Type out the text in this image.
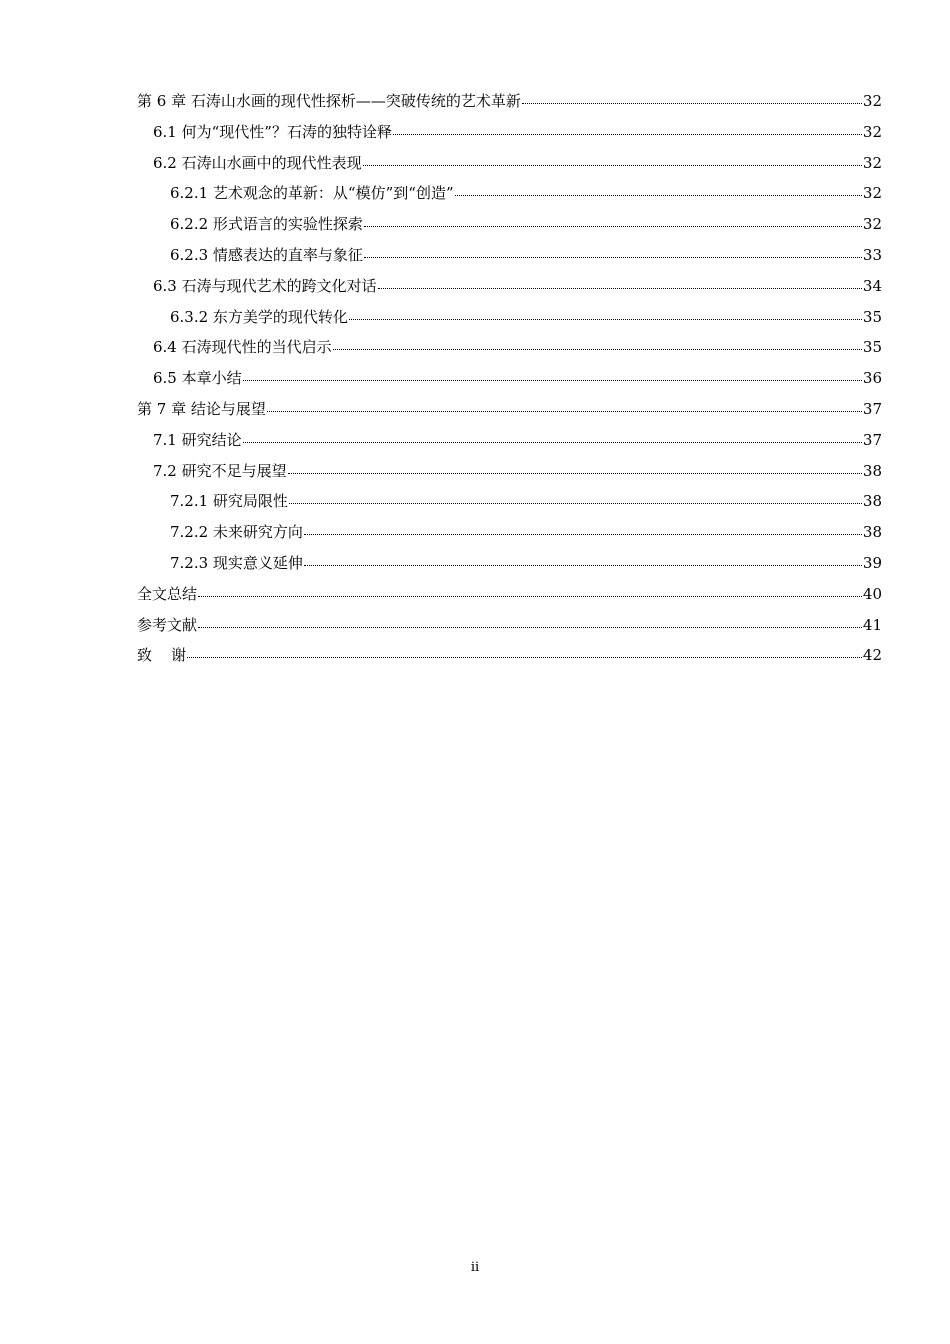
第 6 章 石涛山水画的现代性探析——突破传统的艺术革新	32
6.1 何为“现代性”？石涛的独特诠释	32
6.2 石涛山水画中的现代性表现	32
6.2.1 艺术观念的革新：从“模仿”到“创造”	32
6.2.2 形式语言的实验性探索	32
6.2.3 情感表达的直率与象征	33
6.3 石涛与现代艺术的跨文化对话	34
6.3.2 东方美学的现代转化	35
6.4 石涛现代性的当代启示	35
6.5 本章小结	36
第 7 章 结论与展望	37
7.1 研究结论	37
7.2 研究不足与展望	38
7.2.1 研究局限性	38
7.2.2 未来研究方向	38
7.2.3 现实意义延伸	39
全文总结	40
参考文献	41
致    谢	42
ii
